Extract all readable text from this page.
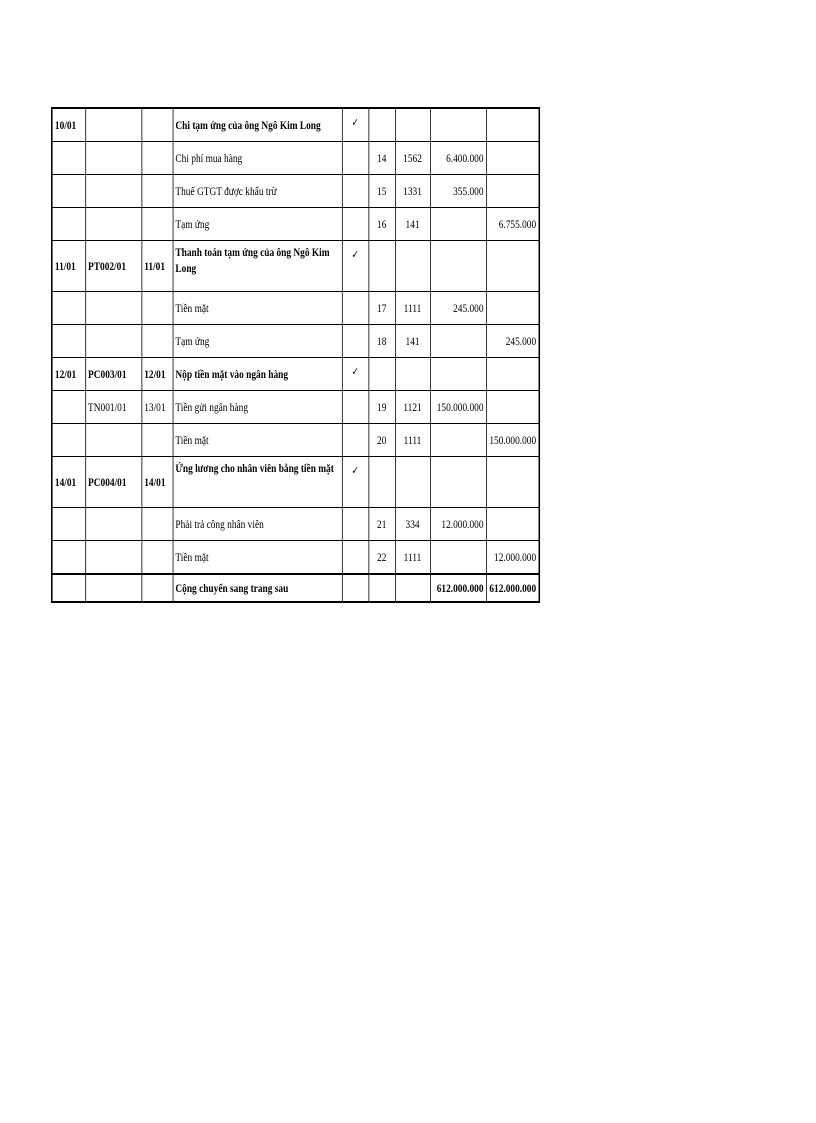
10/01			Chi tạm ứng của ông Ngô Kim Long	✓				
			Chi phí mua hàng		14	1562	6.400.000	
			Thuế GTGT được khấu trừ		15	1331	355.000	
			Tạm ứng		16	141		6.755.000
11/01	PT002/01	11/01	Thanh toán tạm ứng của ông Ngô Kim Long	✓				
			Tiền mặt		17	1111	245.000	
			Tạm ứng		18	141		245.000
12/01	PC003/01	12/01	Nộp tiền mặt vào ngân hàng	✓				
	TN001/01	13/01	Tiền gửi ngân hàng		19	1121	150.000.000	
			Tiền mặt		20	1111		150.000.000
14/01	PC004/01	14/01	Ứng lương cho nhân viên bằng tiền mặt	✓				
			Phải trả công nhân viên		21	334	12.000.000	
			Tiền mặt		22	1111		12.000.000
			Cộng chuyển sang trang sau				612.000.000	612.000.000
